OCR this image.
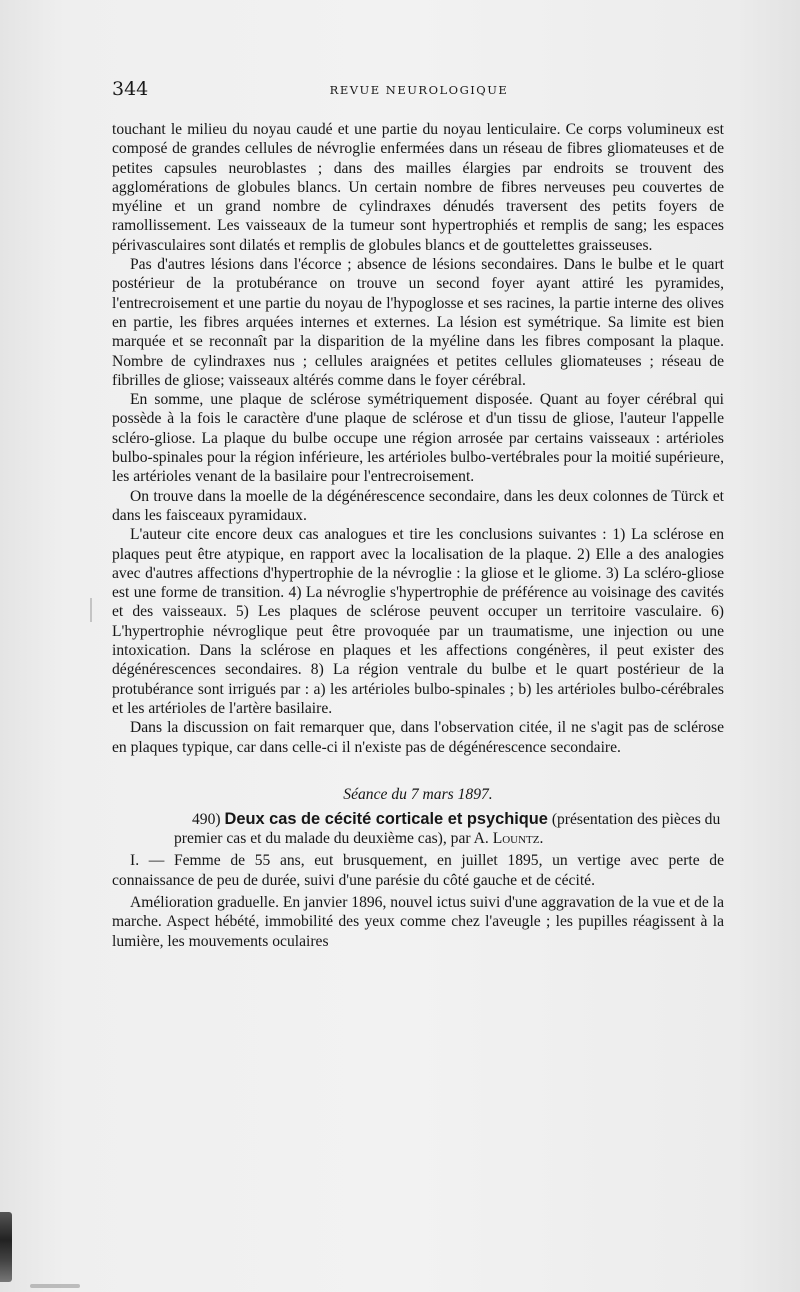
344	REVUE NEUROLOGIQUE

touchant le milieu du noyau caudé et une partie du noyau lenticulaire. Ce corps volumineux est composé de grandes cellules de névroglie enfermées dans un réseau de fibres gliomateuses et de petites capsules neuroblastes ; dans des mailles élargies par endroits se trouvent des agglomérations de globules blancs. Un certain nombre de fibres nerveuses peu couvertes de myéline et un grand nombre de cylindraxes dénudés traversent des petits foyers de ramollissement. Les vaisseaux de la tumeur sont hypertrophiés et remplis de sang; les espaces périvasculaires sont dilatés et remplis de globules blancs et de gouttelettes graisseuses.

Pas d'autres lésions dans l'écorce ; absence de lésions secondaires. Dans le bulbe et le quart postérieur de la protubérance on trouve un second foyer ayant attiré les pyramides, l'entrecroisement et une partie du noyau de l'hypoglosse et ses racines, la partie interne des olives en partie, les fibres arquées internes et externes. La lésion est symétrique. Sa limite est bien marquée et se reconnaît par la disparition de la myéline dans les fibres composant la plaque. Nombre de cylindraxes nus ; cellules araignées et petites cellules gliomateuses ; réseau de fibrilles de gliose; vaisseaux altérés comme dans le foyer cérébral.

En somme, une plaque de sclérose symétriquement disposée. Quant au foyer cérébral qui possède à la fois le caractère d'une plaque de sclérose et d'un tissu de gliose, l'auteur l'appelle scléro-gliose. La plaque du bulbe occupe une région arrosée par certains vaisseaux : artérioles bulbo-spinales pour la région inférieure, les artérioles bulbo-vertébrales pour la moitié supérieure, les artérioles venant de la basilaire pour l'entrecroisement.

On trouve dans la moelle de la dégénérescence secondaire, dans les deux colonnes de Türck et dans les faisceaux pyramidaux.

L'auteur cite encore deux cas analogues et tire les conclusions suivantes : 1) La sclérose en plaques peut être atypique, en rapport avec la localisation de la plaque. 2) Elle a des analogies avec d'autres affections d'hypertrophie de la névroglie : la gliose et le gliome. 3) La scléro-gliose est une forme de transition. 4) La névroglie s'hypertrophie de préférence au voisinage des cavités et des vaisseaux. 5) Les plaques de sclérose peuvent occuper un territoire vasculaire. 6) L'hypertrophie névroglique peut être provoquée par un traumatisme, une injection ou une intoxication. Dans la sclérose en plaques et les affections congénères, il peut exister des dégénérescences secondaires. 8) La région ventrale du bulbe et le quart postérieur de la protubérance sont irrigués par : a) les artérioles bulbo-spinales ; b) les artérioles bulbo-cérébrales et les artérioles de l'artère basilaire.

Dans la discussion on fait remarquer que, dans l'observation citée, il ne s'agit pas de sclérose en plaques typique, car dans celle-ci il n'existe pas de dégénérescence secondaire.

Séance du 7 mars 1897.

490) Deux cas de cécité corticale et psychique (présentation des pièces du premier cas et du malade du deuxième cas), par A. Lountz.

I. — Femme de 55 ans, eut brusquement, en juillet 1895, un vertige avec perte de connaissance de peu de durée, suivi d'une parésie du côté gauche et de cécité.

Amélioration graduelle. En janvier 1896, nouvel ictus suivi d'une aggravation de la vue et de la marche. Aspect hébété, immobilité des yeux comme chez l'aveugle ; les pupilles réagissent à la lumière, les mouvements oculaires
